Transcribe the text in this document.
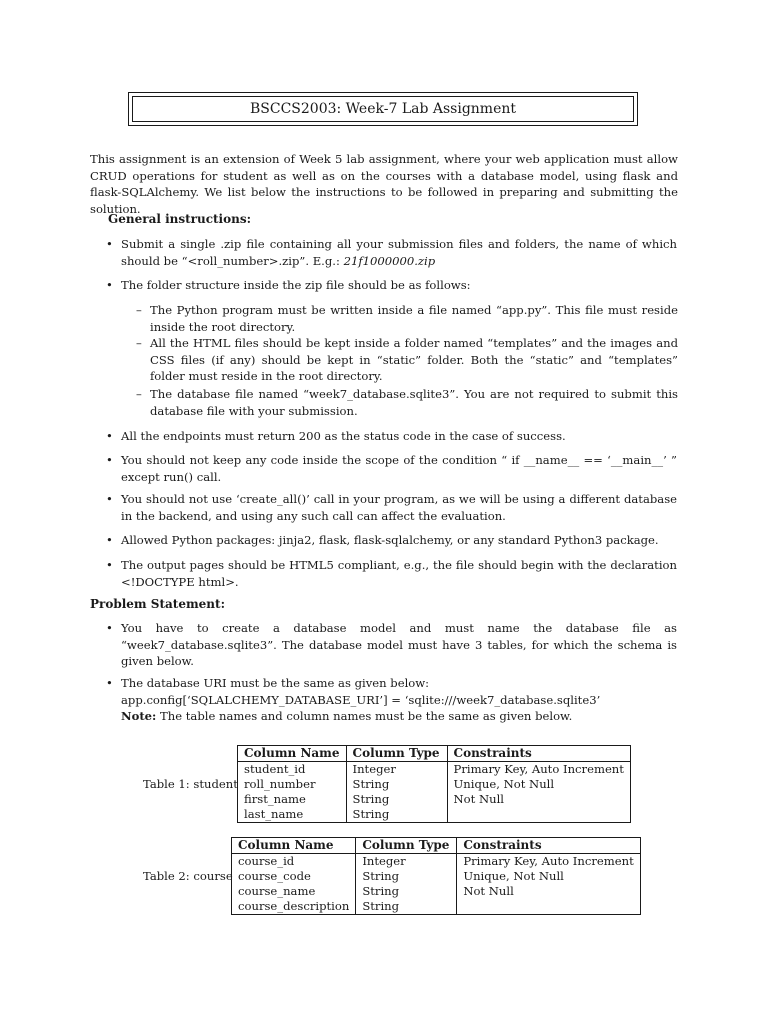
BSCCS2003: Week-7 Lab Assignment
This assignment is an extension of Week 5 lab assignment, where your web application must allow CRUD operations for student as well as on the courses with a database model, using flask and flask-SQLAlchemy. We list below the instructions to be followed in preparing and submitting the solution.
General instructions:
• Submit a single .zip file containing all your submission files and folders, the name of which should be “<roll_number>.zip”. E.g.: 21f1000000.zip
• The folder structure inside the zip file should be as follows:
– The Python program must be written inside a file named “app.py”. This file must reside inside the root directory.
– All the HTML files should be kept inside a folder named “templates” and the images and CSS files (if any) should be kept in “static” folder. Both the “static” and “templates” folder must reside in the root directory.
– The database file named “week7_database.sqlite3”. You are not required to submit this database file with your submission.
• All the endpoints must return 200 as the status code in the case of success.
• You should not keep any code inside the scope of the condition “ if __name__ == ‘__main__’ ” except run() call.
• You should not use ‘create_all()’ call in your program, as we will be using a different database in the backend, and using any such call can affect the evaluation.
• Allowed Python packages: jinja2, flask, flask-sqlalchemy, or any standard Python3 package.
• The output pages should be HTML5 compliant, e.g., the file should begin with the declaration <!DOCTYPE html>.
Problem Statement:
• You have to create a database model and must name the database file as “week7_database.sqlite3”. The database model must have 3 tables, for which the schema is given below.
• The database URI must be the same as given below:
app.config[‘SQLALCHEMY_DATABASE_URI’] = ‘sqlite:///week7_database.sqlite3’
Note: The table names and column names must be the same as given below.
Table 1: student
Column Name	Column Type	Constraints
student_id	Integer	Primary Key, Auto Increment
roll_number	String	Unique, Not Null
first_name	String	Not Null
last_name	String	
Table 2: course
Column Name	Column Type	Constraints
course_id	Integer	Primary Key, Auto Increment
course_code	String	Unique, Not Null
course_name	String	Not Null
course_description	String	
